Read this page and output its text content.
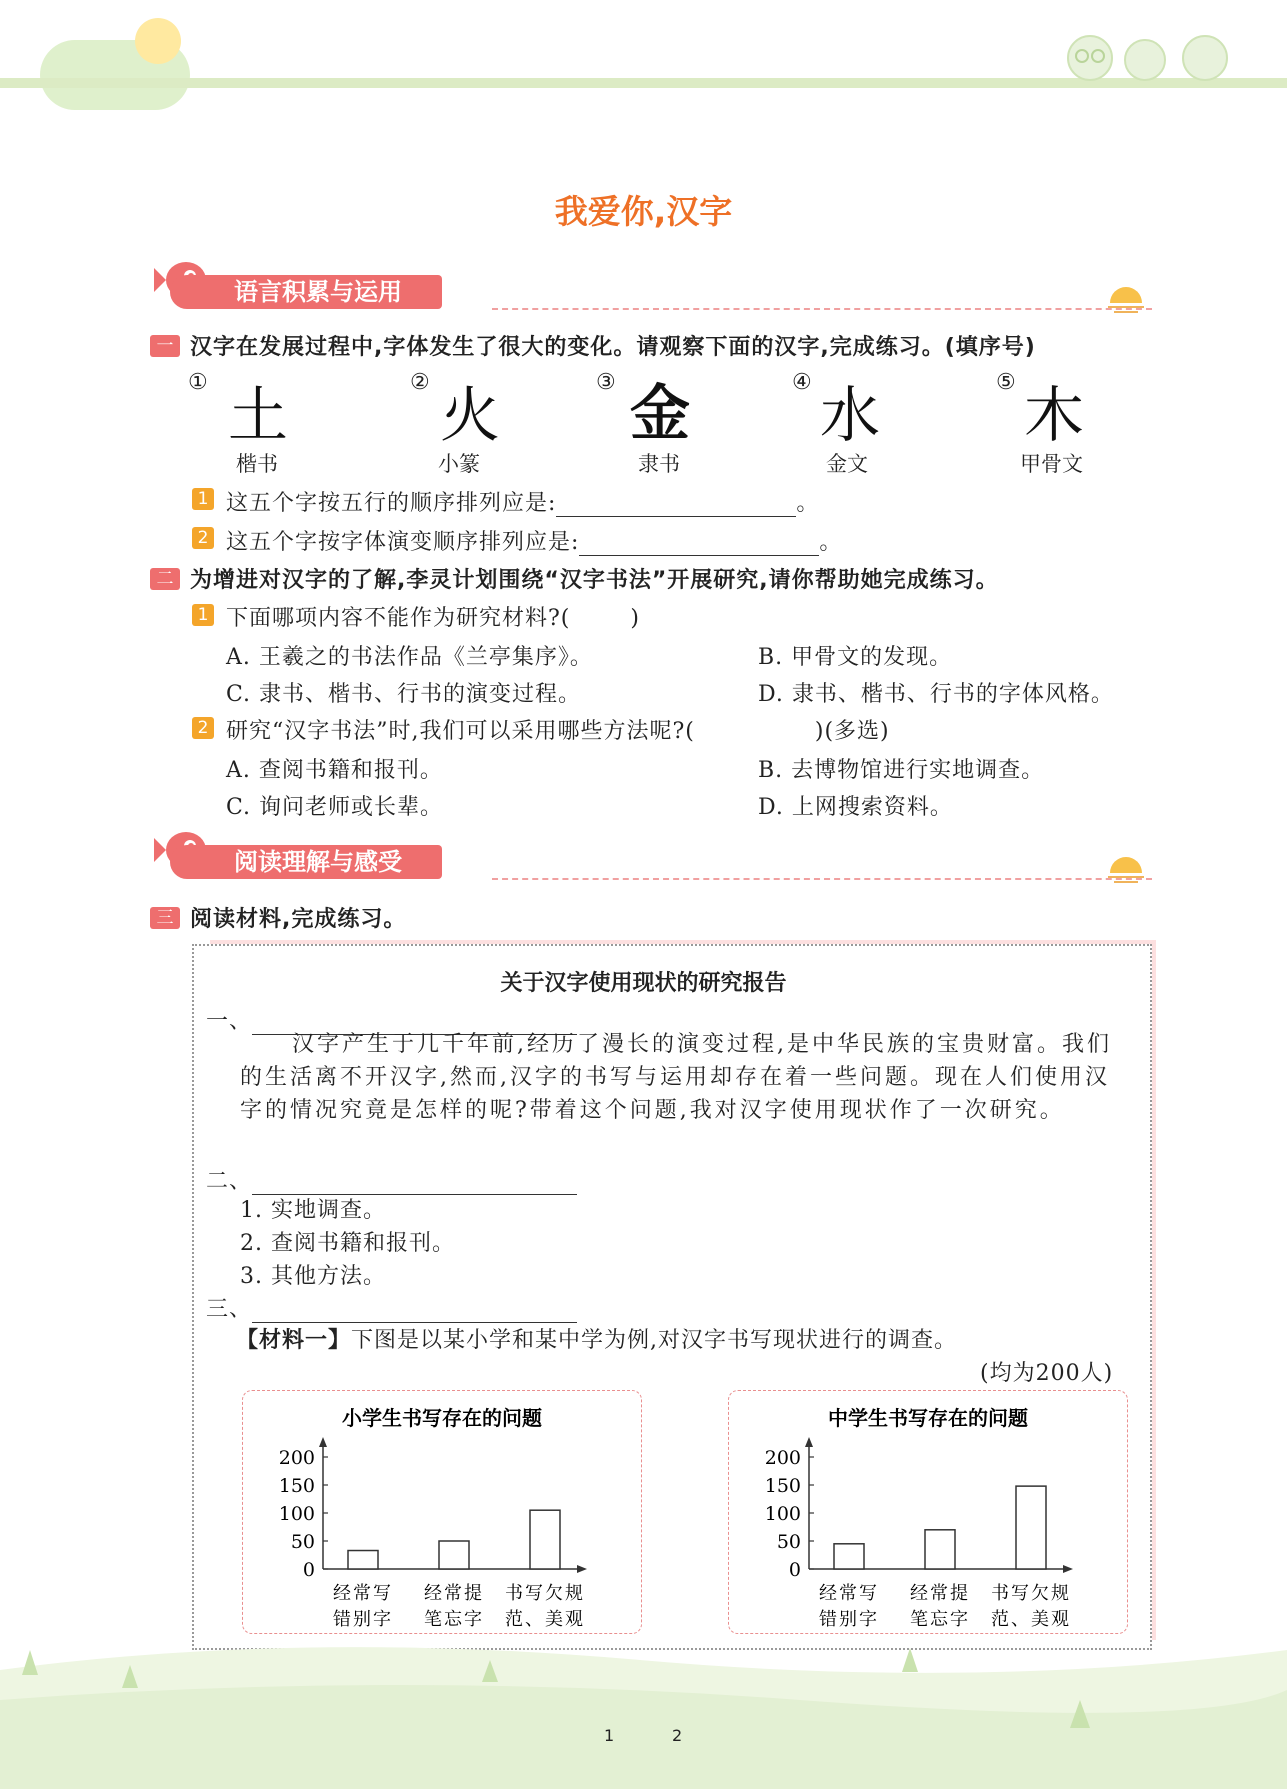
我爱你,汉字
语言积累与运用
一 汉字在发展过程中,字体发生了很大的变化。请观察下面的汉字,完成练习。(填序号)
① 土
楷书
② 火
小篆
③ 金
隶书
④ 水
金文
⑤ 木
甲骨文
1 这五个字按五行的顺序排列应是:	。
2 这五个字按字体演变顺序排列应是:	。
二 为增进对汉字的了解,李灵计划围绕“汉字书法”开展研究,请你帮助她完成练习。
1 下面哪项内容不能作为研究材料?(	)
A. 王羲之的书法作品《兰亭集序》。	B. 甲骨文的发现。
C. 隶书、楷书、行书的演变过程。	D. 隶书、楷书、行书的字体风格。
2 研究“汉字书法”时,我们可以采用哪些方法呢?(	)(多选)
A. 查阅书籍和报刊。	B. 去博物馆进行实地调查。
C. 询问老师或长辈。	D. 上网搜索资料。
阅读理解与感受
三 阅读材料,完成练习。
关于汉字使用现状的研究报告
一、
汉字产生于几千年前,经历了漫长的演变过程,是中华民族的宝贵财富。我们的生活离不开汉字,然而,汉字的书写与运用却存在着一些问题。现在人们使用汉字的情况究竟是怎样的呢?带着这个问题,我对汉字使用现状作了一次研究。
二、
1. 实地调查。
2. 查阅书籍和报刊。
3. 其他方法。
三、
【材料一】下图是以某小学和某中学为例,对汉字书写现状进行的调查。
(均为200人)
小学生书写存在的问题
200
150
100
50
0
经常写
错别字
经常提
笔忘字
书写欠规
范、美观
中学生书写存在的问题
200
150
100
50
0
经常写
错别字
经常提
笔忘字
书写欠规
范、美观
1	2
